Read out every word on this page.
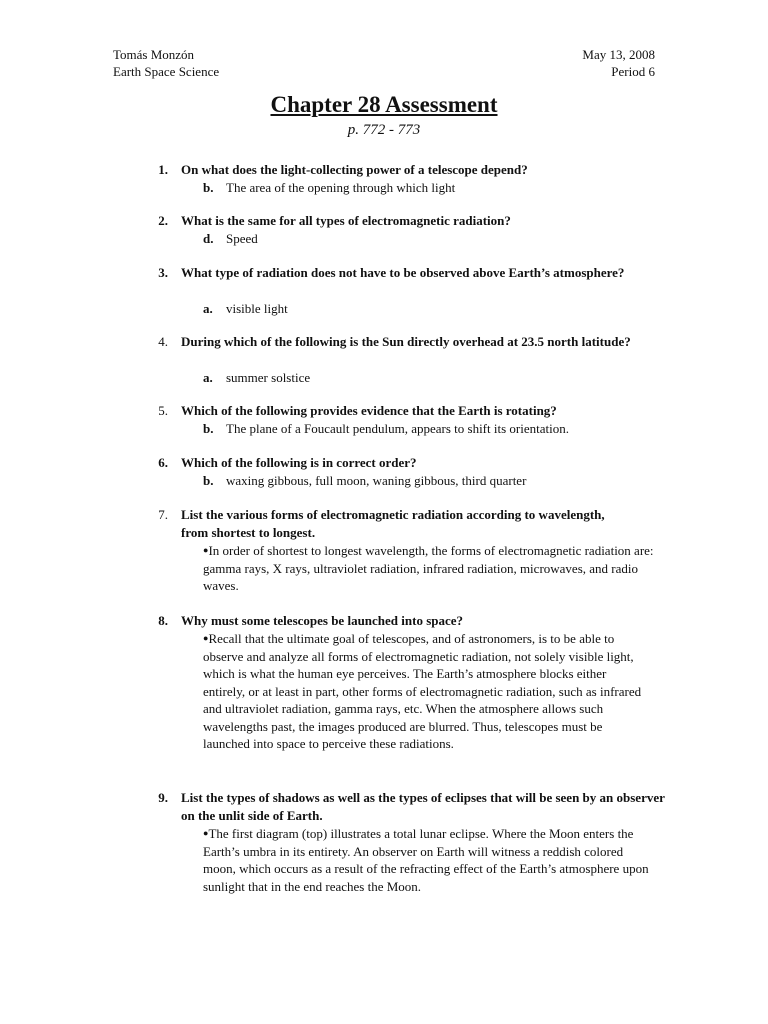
Tomás Monzón
Earth Space Science
May 13, 2008
Period 6
Chapter 28 Assessment
p. 772 - 773
1. On what does the light-collecting power of a telescope depend?
b. The area of the opening through which light
2. What is the same for all types of electromagnetic radiation?
d. Speed
3. What type of radiation does not have to be observed above Earth’s atmosphere?
a. visible light
4. During which of the following is the Sun directly overhead at 23.5 north latitude?
a. summer solstice
5. Which of the following provides evidence that the Earth is rotating?
b. The plane of a Foucault pendulum, appears to shift its orientation.
6. Which of the following is in correct order?
b. waxing gibbous, full moon, waning gibbous, third quarter
7. List the various forms of electromagnetic radiation according to wavelength, from shortest to longest.
●In order of shortest to longest wavelength, the forms of electromagnetic radiation are: gamma rays, X rays, ultraviolet radiation, infrared radiation, microwaves, and radio waves.
8. Why must some telescopes be launched into space?
●Recall that the ultimate goal of telescopes, and of astronomers, is to be able to observe and analyze all forms of electromagnetic radiation, not solely visible light, which is what the human eye perceives. The Earth’s atmosphere blocks either entirely, or at least in part, other forms of electromagnetic radiation, such as infrared and ultraviolet radiation, gamma rays, etc. When the atmosphere allows such wavelengths past, the images produced are blurred. Thus, telescopes must be launched into space to perceive these radiations.
9. List the types of shadows as well as the types of eclipses that will be seen by an observer on the unlit side of Earth.
●The first diagram (top) illustrates a total lunar eclipse. Where the Moon enters the Earth’s umbra in its entirety. An observer on Earth will witness a reddish colored moon, which occurs as a result of the refracting effect of the Earth’s atmosphere upon sunlight that in the end reaches the Moon.
